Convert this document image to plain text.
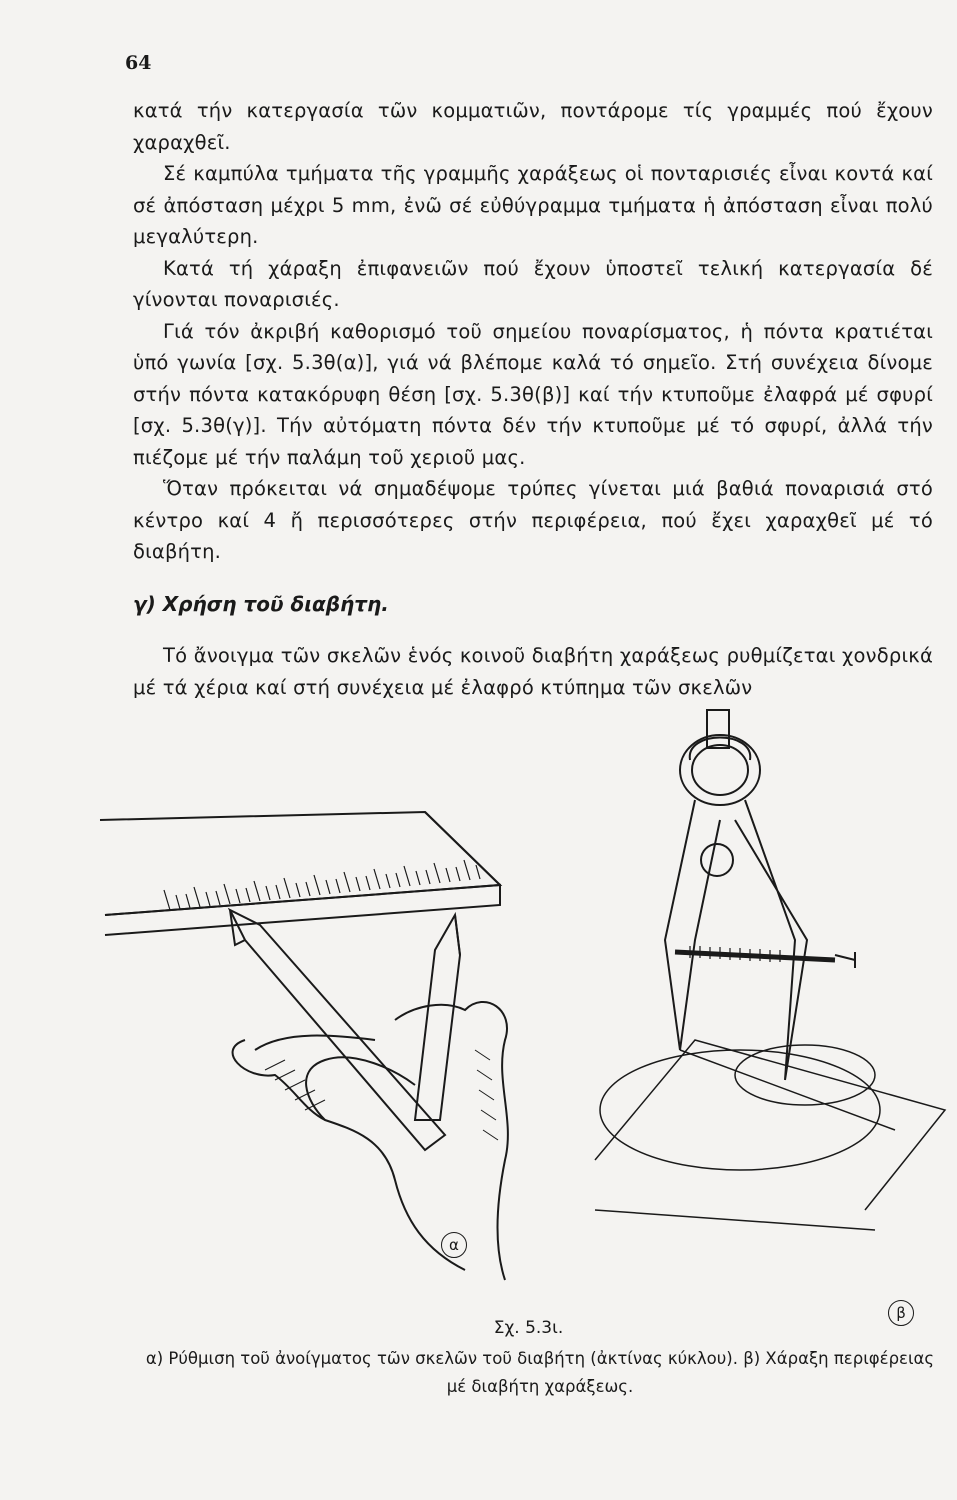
64

κατά τήν κατεργασία τῶν κομματιῶν, ποντάρομε τίς γραμμές πού ἔχουν χαραχθεῖ.

Σέ καμπύλα τμήματα τῆς γραμμῆς χαράξεως οἱ πονταρισιές εἶναι κοντά καί σέ ἀπόσταση μέχρι 5 mm, ἐνῶ σέ εὐθύγραμμα τμήματα ἡ ἀπόσταση εἶναι πολύ μεγαλύτερη.

Κατά τή χάραξη ἐπιφανειῶν πού ἔχουν ὑποστεῖ τελική κατεργασία δέ γίνονται ποναρισιές.

Γιά τόν ἀκριβή καθορισμό τοῦ σημείου ποναρίσματος, ἡ πόντα κρατιέται ὑπό γωνία [σχ. 5.3θ(α)], γιά νά βλέπομε καλά τό σημεῖο. Στή συνέχεια δίνομε στήν πόντα κατακόρυφη θέση [σχ. 5.3θ(β)] καί τήν κτυποῦμε ἐλαφρά μέ σφυρί [σχ. 5.3θ(γ)]. Τήν αὐτόματη πόντα δέν τήν κτυποῦμε μέ τό σφυρί, ἀλλά τήν πιέζομε μέ τήν παλάμη τοῦ χεριοῦ μας.

Ὅταν πρόκειται νά σημαδέψομε τρύπες γίνεται μιά βαθιά ποναρισιά στό κέντρο καί 4 ἤ περισσότερες στήν περιφέρεια, πού ἔχει χαραχθεῖ μέ τό διαβήτη.

γ) Χρήση τοῦ διαβήτη.

Τό ἄνοιγμα τῶν σκελῶν ἑνός κοινοῦ διαβήτη χαράξεως ρυθμίζεται χονδρικά μέ τά χέρια καί στή συνέχεια μέ ἐλαφρό κτύπημα τῶν σκελῶν

α
β
Σχ. 5.3ι.
α) Ρύθμιση τοῦ ἀνοίγματος τῶν σκελῶν τοῦ διαβήτη (ἀκτίνας κύκλου). β) Χάραξη περιφέρειας μέ διαβήτη χαράξεως.
